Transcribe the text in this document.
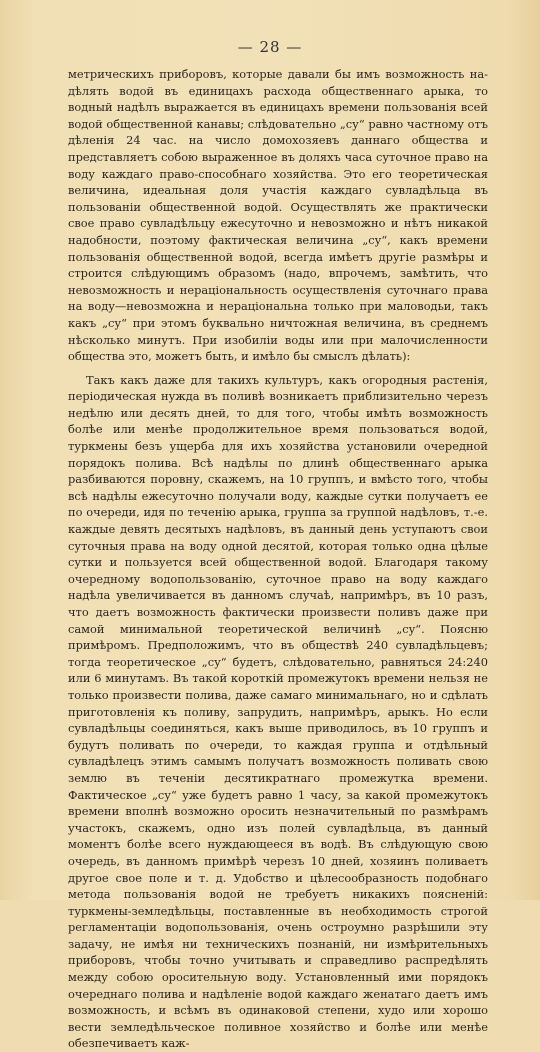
— 28 —

метрическихъ приборовъ, которые давали бы имъ возможность на-дѣлять водой въ единицахъ расхода общественнаго арыка, то водный надѣлъ выражается въ единицахъ времени пользованія всей водой общественной канавы; слѣдовательно „су“ равно частному отъ дѣленія 24 час. на число домохозяевъ даннаго общества и представляетъ собою выраженное въ доляхъ часа суточное право на воду каждаго право-способнаго хозяйства. Это его теоретическая величина, идеальная доля участія каждаго сувладѣльца въ пользованіи общественной водой. Осуществлять же практически свое право сувладѣльцу ежесуточно и невозможно и нѣтъ никакой надобности, поэтому фактическая величина „су“, какъ времени пользованія общественной водой, всегда имѣетъ другіе размѣры и строится слѣдующимъ образомъ (надо, впрочемъ, замѣтить, что невозможность и нераціональность осуществленія суточнаго права на воду—невозможна и нераціональна только при маловодьи, такъ какъ „су“ при этомъ буквально ничтожная величина, въ среднемъ нѣсколько минутъ. При изобиліи воды или при малочисленности общества это, можетъ быть, и имѣло бы смыслъ дѣлать):

Такъ какъ даже для такихъ культуръ, какъ огородныя растенія, періодическая нужда въ поливѣ возникаетъ приблизительно черезъ недѣлю или десять дней, то для того, чтобы имѣть возможность болѣе или менѣе продолжительное время пользоваться водой, туркмены безъ ущерба для ихъ хозяйства установили очередной порядокъ полива. Всѣ надѣлы по длинѣ общественнаго арыка разбиваются поровну, скажемъ, на 10 группъ, и вмѣсто того, чтобы всѣ надѣлы ежесуточно получали воду, каждые сутки получаетъ ее по очереди, идя по теченію арыка, группа за группой надѣловъ, т.-е. каждые девять десятыхъ надѣловъ, въ данный день уступаютъ свои суточныя права на воду одной десятой, которая только одна цѣлые сутки и пользуется всей общественной водой. Благодаря такому очередному водопользованію, суточное право на воду каждаго надѣла увеличивается въ данномъ случаѣ, напримѣръ, въ 10 разъ, что даетъ возможность фактически произвести поливъ даже при самой минимальной теоретической величинѣ „су“. Поясню примѣромъ. Предположимъ, что въ обществѣ 240 сувладѣльцевъ; тогда теоретическое „су“ будетъ, слѣдовательно, равняться 24:240 или 6 минутамъ. Въ такой короткій промежутокъ времени нельзя не только произвести полива, даже самаго минимальнаго, но и сдѣлать приготовленія къ поливу, запрудить, напримѣръ, арыкъ. Но если сувладѣльцы соединяться, какъ выше приводилось, въ 10 группъ и будутъ поливать по очереди, то каждая группа и отдѣльный сувладѣлецъ этимъ самымъ получатъ возможность поливать свою землю въ теченіи десятикратнаго промежутка времени. Фактическое „су“ уже будетъ равно 1 часу, за какой промежутокъ времени вполнѣ возможно оросить незначительный по размѣрамъ участокъ, скажемъ, одно изъ полей сувладѣльца, въ данный моментъ болѣе всего нуждающееся въ водѣ. Въ слѣдующую свою очередь, въ данномъ примѣрѣ черезъ 10 дней, хозяинъ поливаетъ другое свое поле и т. д. Удобство и цѣлесообразность подобнаго метода пользованія водой не требуетъ никакихъ поясненій: туркмены-земледѣльцы, поставленные въ необходимость строгой регламентаціи водопользованія, очень остроумно разрѣшили эту задачу, не имѣя ни техническихъ познаній, ни измѣрительныхъ приборовъ, чтобы точно учитывать и справедливо распредѣлять между собою оросительную воду. Установленный ими порядокъ очереднаго полива и надѣленіе водой каждаго женатаго даетъ имъ возможность, и всѣмъ въ одинаковой степени, худо или хорошо вести земледѣльческое поливное хозяйство и болѣе или менѣе обезпечиваетъ каж-
